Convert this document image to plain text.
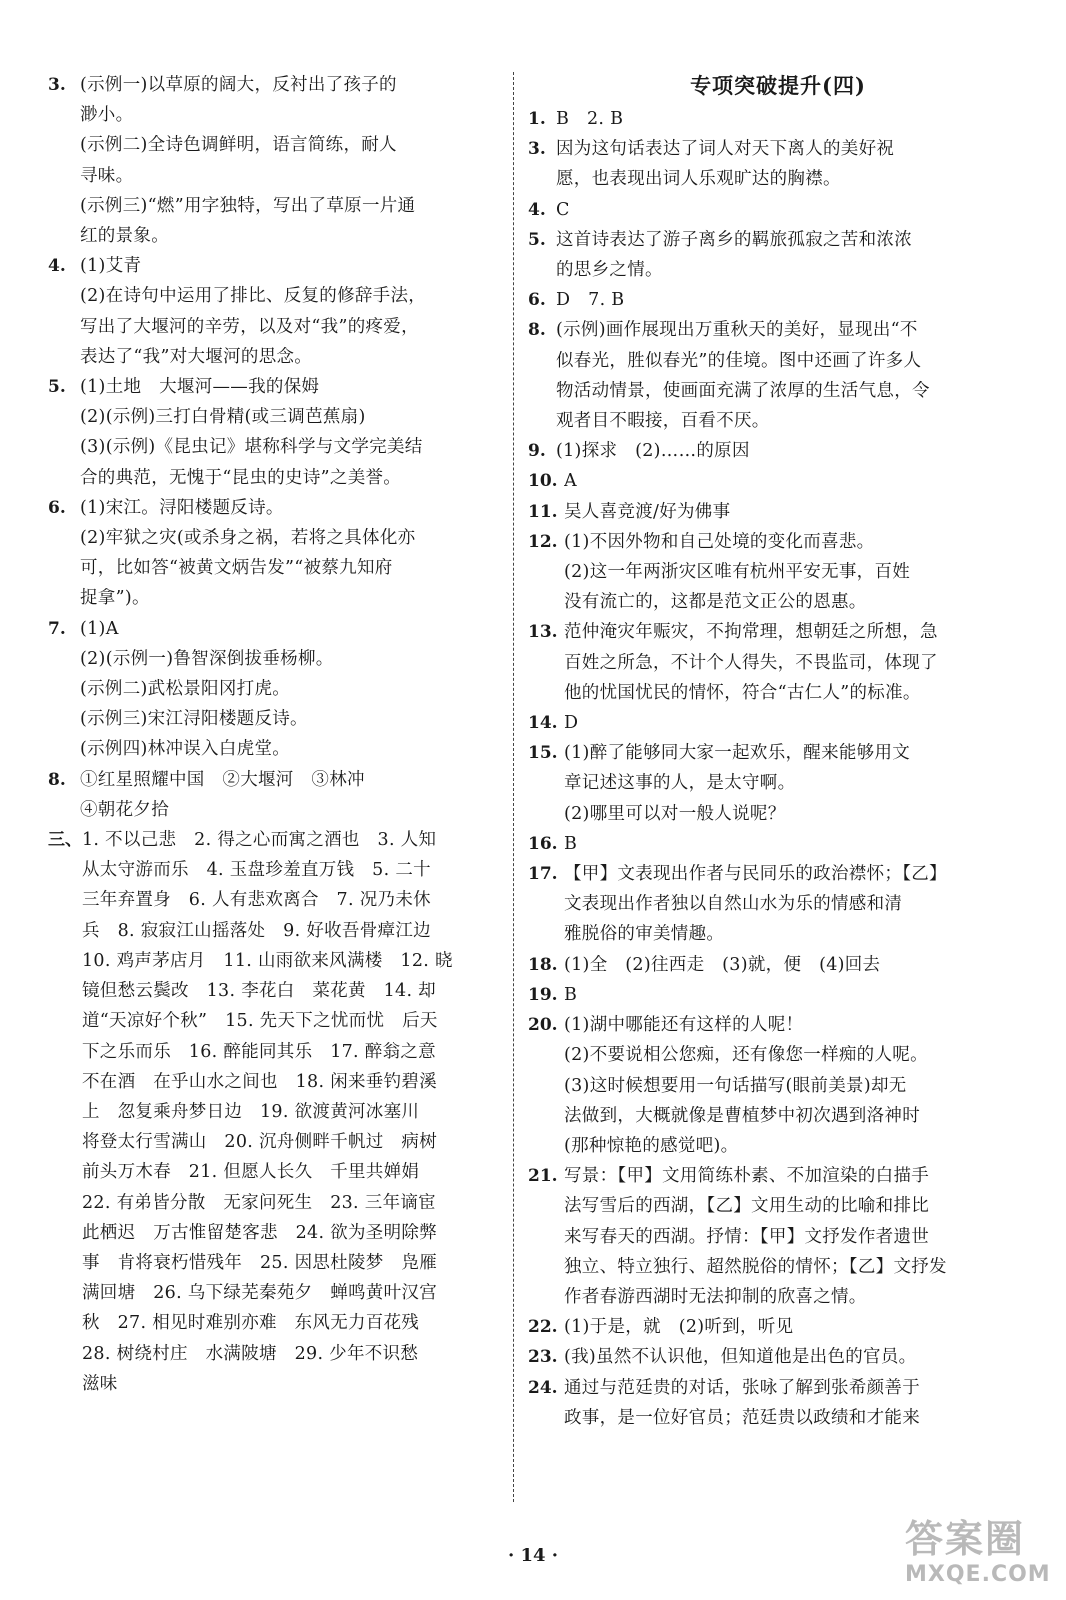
3. (示例一)以草原的阔大，反衬出了孩子的
渺小。
(示例二)全诗色调鲜明，语言简练，耐人
寻味。
(示例三)“燃”用字独特，写出了草原一片通
红的景象。
4. (1)艾青
(2)在诗句中运用了排比、反复的修辞手法，
写出了大堰河的辛劳，以及对“我”的疼爱，
表达了“我”对大堰河的思念。
5. (1)土地　大堰河——我的保姆
(2)(示例)三打白骨精(或三调芭蕉扇)
(3)(示例)《昆虫记》堪称科学与文学完美结
合的典范，无愧于“昆虫的史诗”之美誉。
6. (1)宋江。浔阳楼题反诗。
(2)牢狱之灾(或杀身之祸，若将之具体化亦
可，比如答“被黄文炳告发”“被蔡九知府
捉拿”)。
7. (1)A
(2)(示例一)鲁智深倒拔垂杨柳。
(示例二)武松景阳冈打虎。
(示例三)宋江浔阳楼题反诗。
(示例四)林冲误入白虎堂。
8. ①红星照耀中国　②大堰河　③林冲
④朝花夕拾
三、 1. 不以己悲　2. 得之心而寓之酒也　3. 人知
从太守游而乐　4. 玉盘珍羞直万钱　5. 二十
三年弃置身　6. 人有悲欢离合　7. 况乃未休
兵　8. 寂寂江山摇落处　9. 好收吾骨瘴江边
10. 鸡声茅店月　11. 山雨欲来风满楼　12. 晓
镜但愁云鬓改　13. 李花白　菜花黄　14. 却
道“天凉好个秋”　15. 先天下之忧而忧　后天
下之乐而乐　16. 醉能同其乐　17. 醉翁之意
不在酒　在乎山水之间也　18. 闲来垂钓碧溪
上　忽复乘舟梦日边　19. 欲渡黄河冰塞川
将登太行雪满山　20. 沉舟侧畔千帆过　病树
前头万木春　21. 但愿人长久　千里共婵娟
22. 有弟皆分散　无家问死生　23. 三年谪宦
此栖迟　万古惟留楚客悲　24. 欲为圣明除弊
事　肯将衰朽惜残年　25. 因思杜陵梦　凫雁
满回塘　26. 乌下绿芜秦苑夕　蝉鸣黄叶汉宫
秋　27. 相见时难别亦难　东风无力百花残
28. 树绕村庄　水满陂塘　29. 少年不识愁
滋味
专项突破提升(四)
1. B　2. B
3. 因为这句话表达了词人对天下离人的美好祝
愿，也表现出词人乐观旷达的胸襟。
4. C
5. 这首诗表达了游子离乡的羁旅孤寂之苦和浓浓
的思乡之情。
6. D　7. B
8. (示例)画作展现出万重秋天的美好，显现出“不
似春光，胜似春光”的佳境。图中还画了许多人
物活动情景，使画面充满了浓厚的生活气息，令
观者目不暇接，百看不厌。
9. (1)探求　(2)……的原因
10. A
11. 吴人喜竞渡/好为佛事
12. (1)不因外物和自己处境的变化而喜悲。
(2)这一年两浙灾区唯有杭州平安无事，百姓
没有流亡的，这都是范文正公的恩惠。
13. 范仲淹灾年赈灾，不拘常理，想朝廷之所想，急
百姓之所急，不计个人得失，不畏监司，体现了
他的忧国忧民的情怀，符合“古仁人”的标准。
14. D
15. (1)醉了能够同大家一起欢乐，醒来能够用文
章记述这事的人，是太守啊。
(2)哪里可以对一般人说呢？
16. B
17. 【甲】文表现出作者与民同乐的政治襟怀；【乙】
文表现出作者独以自然山水为乐的情感和清
雅脱俗的审美情趣。
18. (1)全　(2)往西走　(3)就，便　(4)回去
19. B
20. (1)湖中哪能还有这样的人呢！
(2)不要说相公您痴，还有像您一样痴的人呢。
(3)这时候想要用一句话描写(眼前美景)却无
法做到，大概就像是曹植梦中初次遇到洛神时
(那种惊艳的感觉吧)。
21. 写景：【甲】文用简练朴素、不加渲染的白描手
法写雪后的西湖，【乙】文用生动的比喻和排比
来写春天的西湖。抒情：【甲】文抒发作者遗世
独立、特立独行、超然脱俗的情怀；【乙】文抒发
作者春游西湖时无法抑制的欣喜之情。
22. (1)于是，就　(2)听到，听见
23. (我)虽然不认识他，但知道他是出色的官员。
24. 通过与范廷贵的对话，张咏了解到张希颜善于
政事，是一位好官员；范廷贵以政绩和才能来
· 14 ·	答案圈
MXQE.COM
